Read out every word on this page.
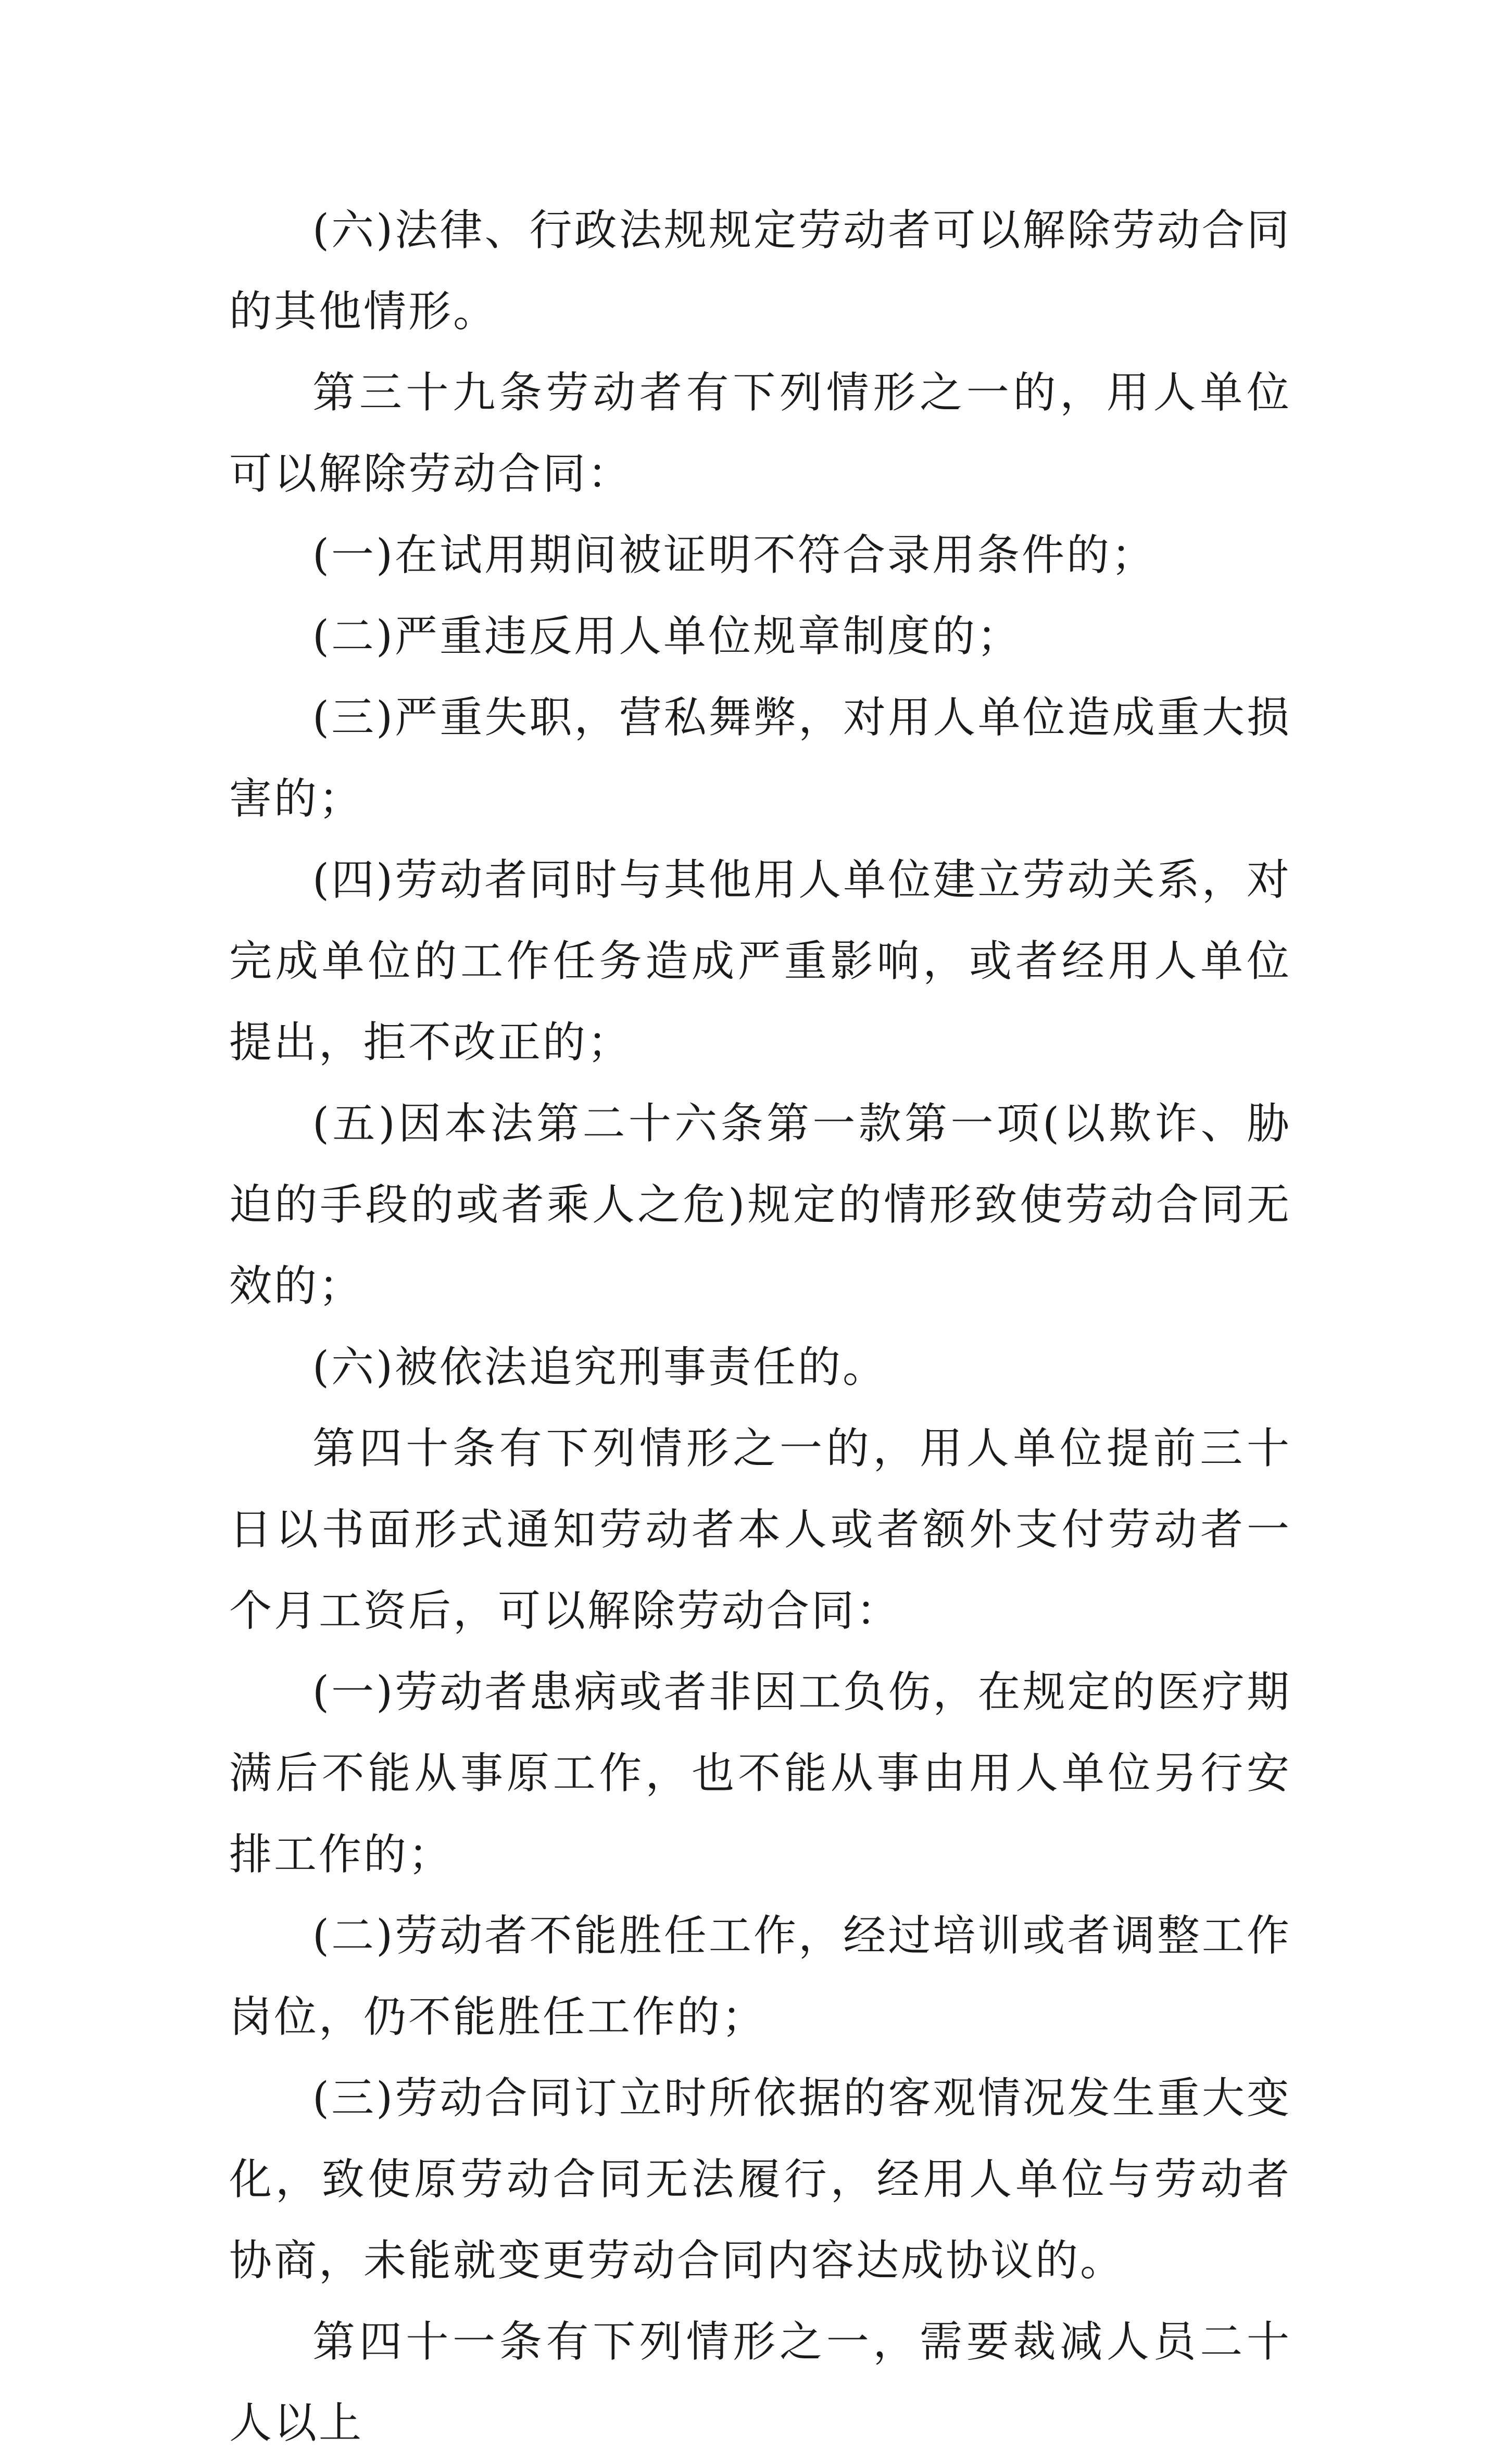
(六)法律、行政法规规定劳动者可以解除劳动合同的其他情形。

第三十九条劳动者有下列情形之一的，用人单位可以解除劳动合同：

(一)在试用期间被证明不符合录用条件的；

(二)严重违反用人单位规章制度的；

(三)严重失职，营私舞弊，对用人单位造成重大损害的；

(四)劳动者同时与其他用人单位建立劳动关系，对完成单位的工作任务造成严重影响，或者经用人单位提出，拒不改正的；

(五)因本法第二十六条第一款第一项(以欺诈、胁迫的手段的或者乘人之危)规定的情形致使劳动合同无效的；

(六)被依法追究刑事责任的。

第四十条有下列情形之一的，用人单位提前三十日以书面形式通知劳动者本人或者额外支付劳动者一个月工资后，可以解除劳动合同：

(一)劳动者患病或者非因工负伤，在规定的医疗期满后不能从事原工作，也不能从事由用人单位另行安排工作的；

(二)劳动者不能胜任工作，经过培训或者调整工作岗位，仍不能胜任工作的；

(三)劳动合同订立时所依据的客观情况发生重大变化，致使原劳动合同无法履行，经用人单位与劳动者协商，未能就变更劳动合同内容达成协议的。

第四十一条有下列情形之一，需要裁减人员二十人以上
